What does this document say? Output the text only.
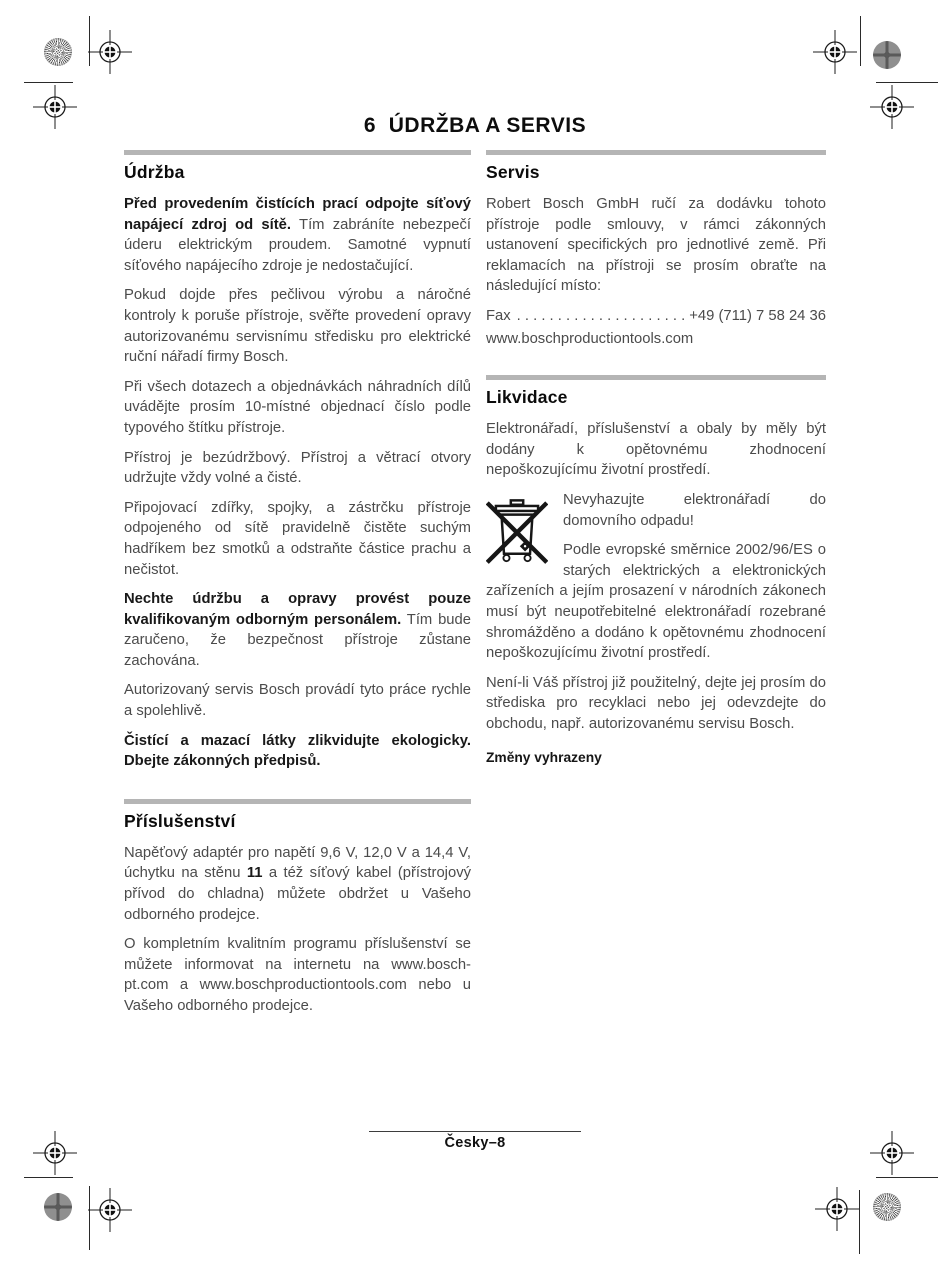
6  ÚDRŽBA A SERVIS
Údržba

Před provedením čistících prací odpojte síťový napájecí zdroj od sítě. Tím zabráníte nebezpečí úderu elektrickým proudem. Samotné vypnutí síťového napájecího zdroje je nedostačující.

Pokud dojde přes pečlivou výrobu a náročné kontroly k poruše přístroje, svěřte provedení opravy autorizovanému servisnímu středisku pro elektrické ruční nářadí firmy Bosch.

Při všech dotazech a objednávkách náhradních dílů uvádějte prosím 10-místné objednací číslo podle typového štítku přístroje.

Přístroj je bezúdržbový. Přístroj a větrací otvory udržujte vždy volné a čisté.

Připojovací zdířky, spojky, a zástrčku přístroje odpojeného od sítě pravidelně čistěte suchým hadříkem bez smotků a odstraňte částice prachu a nečistot.

Nechte údržbu a opravy provést pouze kvalifikovaným odborným personálem. Tím bude zaručeno, že bezpečnost přístroje zůstane zachována.

Autorizovaný servis Bosch provádí tyto práce rychle a spolehlivě.

Čistící a mazací látky zlikvidujte ekologicky. Dbejte zákonných předpisů.

Příslušenství

Napěťový adaptér pro napětí 9,6 V, 12,0 V a 14,4 V, úchytku na stěnu 11 a též síťový kabel (přístrojový přívod do chladna) můžete obdržet u Vašeho odborného prodejce.

O kompletním kvalitním programu příslušenství se můžete informovat na internetu na www.bosch-pt.com a www.boschproductiontools.com nebo u Vašeho odborného prodejce.

Servis

Robert Bosch GmbH ručí za dodávku tohoto přístroje podle smlouvy, v rámci zákonných ustanovení specifických pro jednotlivé země. Při reklamacích na přístroji se prosím obraťte na následující místo:

Fax . . . . . . . . . . . . . . . . . . . . . +49 (711) 7 58 24 36

www.boschproductiontools.com

Likvidace

Elektronářadí, příslušenství a obaly by měly být dodány k opětovnému zhodnocení nepoškozujícímu životní prostředí.

Nevyhazujte elektronářadí do domovního odpadu!

Podle evropské směrnice 2002/96/ES o starých elektrických a elektronických zařízeních a jejím prosazení v národních zákonech musí být neupotřebitelné elektronářadí rozebrané shromážděno a dodáno k opětovnému zhodnocení nepoškozujícímu životní prostředí.

Není-li Váš přístroj již použitelný, dejte jej prosím do střediska pro recyklaci nebo jej odevzdejte do obchodu, např. autorizovanému servisu Bosch.

Změny vyhrazeny

Česky–8
